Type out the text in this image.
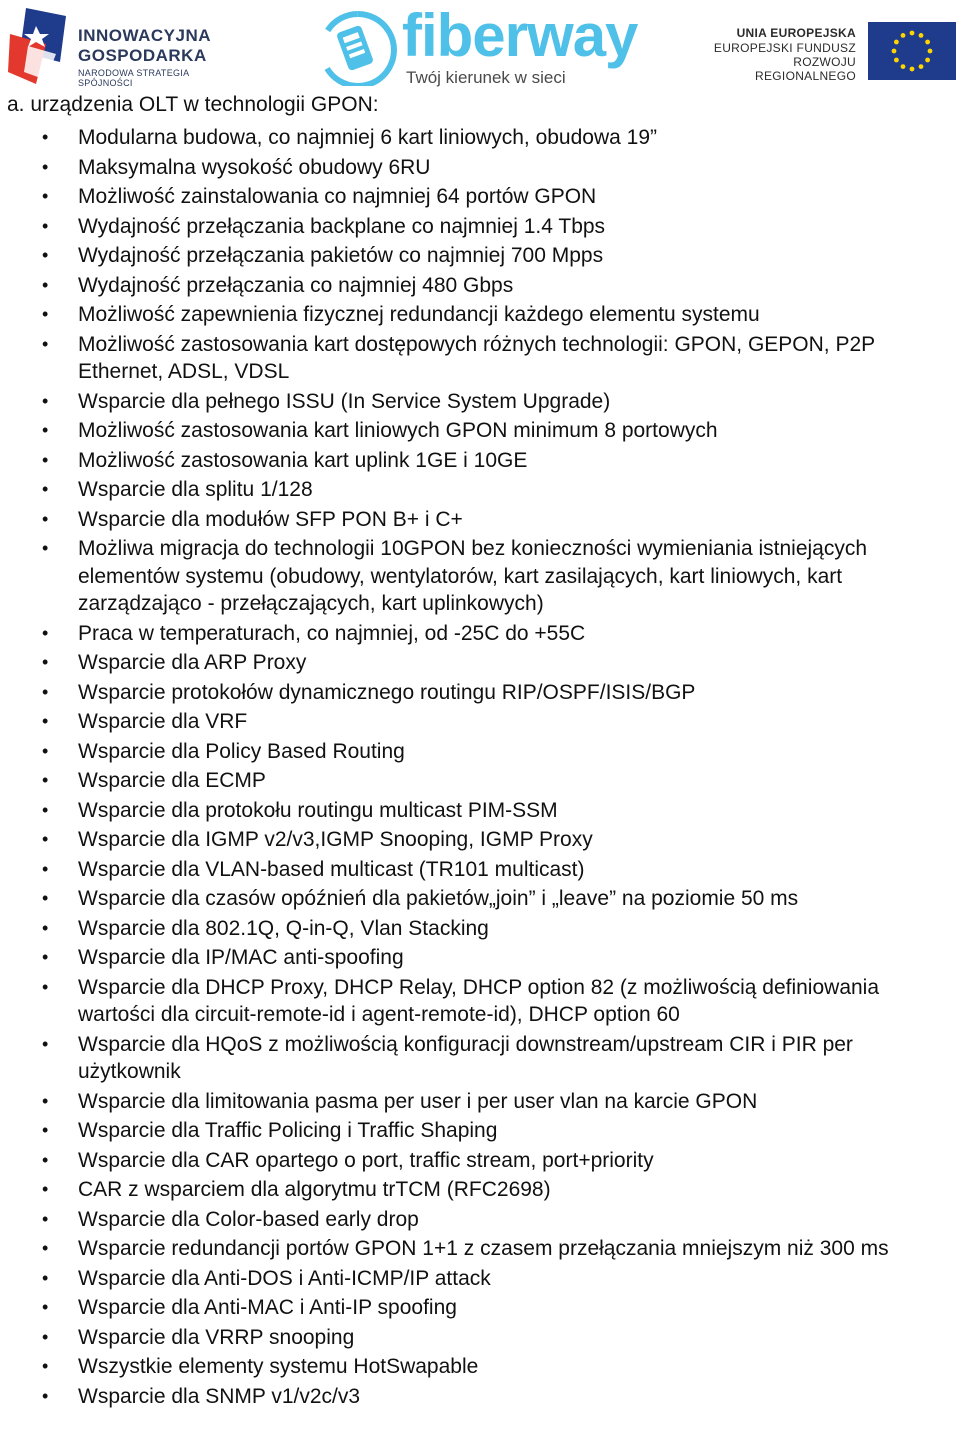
INNOWACYJNA
GOSPODARKA
NARODOWA STRATEGIA SPÓJNOŚCI
fiberway
Twój kierunek w sieci
UNIA EUROPEJSKA
EUROPEJSKI FUNDUSZ
ROZWOJU REGIONALNEGO
a. urządzenia OLT w technologii GPON:
• Modularna budowa, co najmniej 6 kart liniowych, obudowa 19”
• Maksymalna wysokość obudowy 6RU
• Możliwość zainstalowania co najmniej 64 portów GPON
• Wydajność przełączania backplane co najmniej 1.4 Tbps
• Wydajność przełączania pakietów co najmniej 700 Mpps
• Wydajność przełączania co najmniej 480 Gbps
• Możliwość zapewnienia fizycznej redundancji każdego elementu systemu
• Możliwość zastosowania kart dostępowych różnych technologii: GPON, GEPON, P2P Ethernet, ADSL, VDSL
• Wsparcie dla pełnego ISSU (In Service System Upgrade)
• Możliwość zastosowania kart liniowych GPON minimum 8 portowych
• Możliwość zastosowania kart uplink 1GE i 10GE
• Wsparcie dla splitu 1/128
• Wsparcie dla modułów SFP PON B+ i C+
• Możliwa migracja do technologii 10GPON bez konieczności wymieniania istniejących elementów systemu (obudowy, wentylatorów, kart zasilających, kart liniowych, kart zarządzająco - przełączających, kart uplinkowych)
• Praca w temperaturach, co najmniej, od -25C do +55C
• Wsparcie dla ARP Proxy
• Wsparcie protokołów dynamicznego routingu RIP/OSPF/ISIS/BGP
• Wsparcie dla VRF
• Wsparcie dla Policy Based Routing
• Wsparcie dla ECMP
• Wsparcie dla protokołu routingu multicast PIM-SSM
• Wsparcie dla IGMP v2/v3,IGMP Snooping, IGMP Proxy
• Wsparcie dla VLAN-based multicast (TR101 multicast)
• Wsparcie dla czasów opóźnień dla pakietów„join” i „leave” na poziomie 50 ms
• Wsparcie dla 802.1Q, Q-in-Q, Vlan Stacking
• Wsparcie dla IP/MAC anti-spoofing
• Wsparcie dla DHCP Proxy, DHCP Relay, DHCP option 82 (z możliwością definiowania wartości dla circuit-remote-id i agent-remote-id), DHCP option 60
• Wsparcie dla HQoS z możliwością konfiguracji downstream/upstream CIR i PIR per użytkownik
• Wsparcie dla limitowania pasma per user i per user vlan na karcie GPON
• Wsparcie dla Traffic Policing i Traffic Shaping
• Wsparcie dla CAR opartego o port, traffic stream, port+priority
• CAR z wsparciem dla algorytmu trTCM (RFC2698)
• Wsparcie dla Color-based early drop
• Wsparcie redundancji portów GPON 1+1 z czasem przełączania mniejszym niż 300 ms
• Wsparcie dla Anti-DOS i Anti-ICMP/IP attack
• Wsparcie dla Anti-MAC i Anti-IP spoofing
• Wsparcie dla VRRP snooping
• Wszystkie elementy systemu HotSwapable
• Wsparcie dla SNMP v1/v2c/v3
